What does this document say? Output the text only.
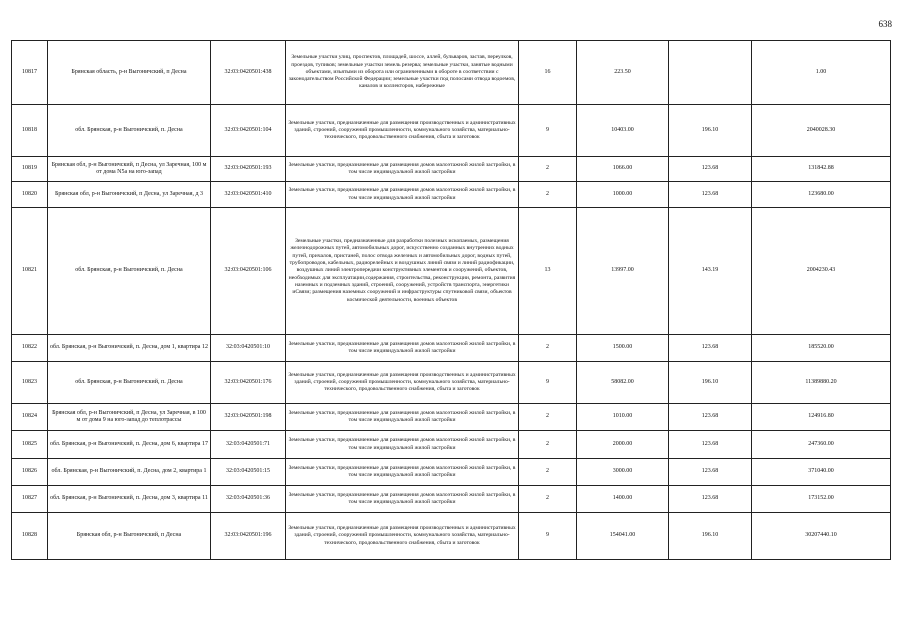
638
10817	Брянская область, р-н Выгоничский, п Десна	32:03:0420501:438	Земельные участки улиц, проспектов, площадей, шоссе, аллей, бульваров, застав, переулков, проездов, тупиков; земельные участки земель резерва; земельные участки, занятые водными объектами, изъятыми из оборота или ограниченными в обороте в соответствии с законодательством Российской Федерации; земельные участки под полосами отвода водоемов, каналов и коллекторов, набережные	16	223.50		1.00
10818	обл. Брянская, р-н Выгоничский, п. Десна	32:03:0420501:104	Земельные участки, предназначенные для размещения производственных и административных зданий, строений, сооружений промышленности, коммунального хозяйства, материально-технического, продовольственного снабжения, сбыта и заготовок	9	10403.00	196.10	2040028.30
10819	Брянская обл, р-н Выгоничский, п Десна, ул Заречная, 100 м от дома N5а на юго-запад	32:03:0420501:193	Земельные участки, предназначенные для размещения домов малоэтажной жилой застройки, в том числе индивидуальной жилой застройки	2	1066.00	123.68	131842.88
10820	Брянская обл, р-н Выгоничский, п Десна, ул Заречная, д 3	32:03:0420501:410	Земельные участки, предназначенные для размещения домов малоэтажной жилой застройки, в том числе индивидуальной жилой застройки	2	1000.00	123.68	123680.00
10821	обл. Брянская, р-н Выгоничский, п. Десна	32:03:0420501:106	Земельные участки, предназначенные для разработки полезных ископаемых, размещения железнодорожных путей, автомобильных дорог, искусственно созданных внутренних водных путей, причалов, пристаней, полос отвода железных и автомобильных дорог, водных путей, трубопроводов, кабельных, радиорелейных и воздушных линий связи и линий радиофикации, воздушных линий электропередачи конструктивных элементов и сооружений, объектов, необходимых для эксплуатации,содержания, строительства, реконструкции, ремонта, развития наземных и подземных зданий, строений, сооружений, устройств транспорта, энергетики иСвязи; размещения наземных сооружений и инфраструктуры спутниковой связи, объектов космической деятельности, военных объектов	13	13997.00	143.19	2004230.43
10822	обл. Брянская, р-н Выгоничский, п. Десна, дом 1, квартира 12	32:03:0420501:10	Земельные участки, предназначенные для размещения домов малоэтажной жилой застройки, в том числе индивидуальной жилой застройки	2	1500.00	123.68	185520.00
10823	обл. Брянская, р-н Выгоничский, п. Десна	32:03:0420501:176	Земельные участки, предназначенные для размещения производственных и административных зданий, строений, сооружений промышленности, коммунального хозяйства, материально-технического, продовольственного снабжения, сбыта и заготовок	9	58082.00	196.10	11389880.20
10824	Брянская обл, р-н Выгоничский, п Десна, ул Заречная, в 100 м от дома 9 на юго-запад до теплотрассы	32:03:0420501:198	Земельные участки, предназначенные для размещения домов малоэтажной жилой застройки, в том числе индивидуальной жилой застройки	2	1010.00	123.68	124916.80
10825	обл. Брянская, р-н Выгоничский, п. Десна, дом 6, квартира 17	32:03:0420501:71	Земельные участки, предназначенные для размещения домов малоэтажной жилой застройки, в том числе индивидуальной жилой застройки	2	2000.00	123.68	247360.00
10826	обл. Брянская, р-н Выгоничский, п. Десна, дом 2, квартира 1	32:03:0420501:15	Земельные участки, предназначенные для размещения домов малоэтажной жилой застройки, в том числе индивидуальной жилой застройки	2	3000.00	123.68	371040.00
10827	обл. Брянская, р-н Выгоничский, п. Десна, дом 3, квартира 11	32:03:0420501:36	Земельные участки, предназначенные для размещения домов малоэтажной жилой застройки, в том числе индивидуальной жилой застройки	2	1400.00	123.68	173152.00
10828	Брянская обл, р-н Выгоничский, п Десна	32:03:0420501:196	Земельные участки, предназначенные для размещения производственных и административных зданий, строений, сооружений промышленности, коммунального хозяйства, материально-технического, продовольственного снабжения, сбыта и заготовок	9	154041.00	196.10	30207440.10
